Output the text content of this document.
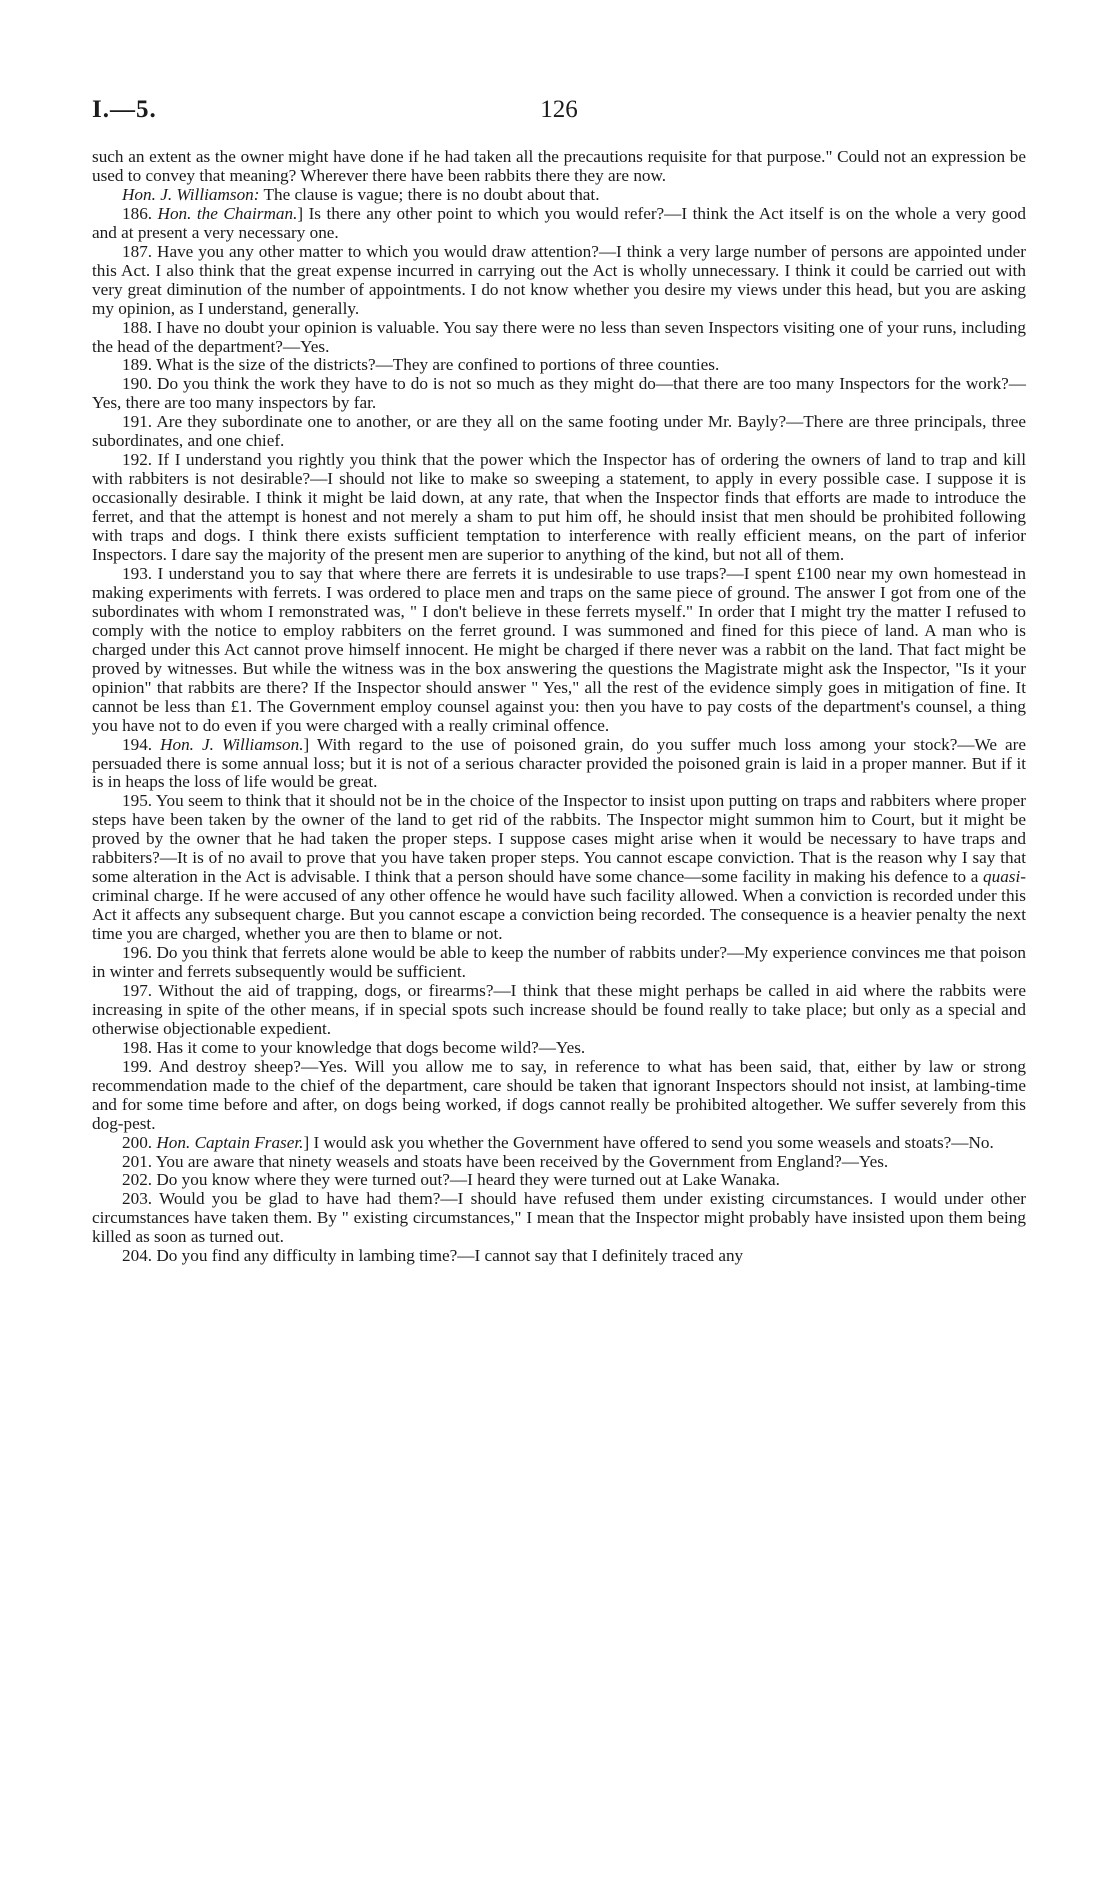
I.—5.	126

such an extent as the owner might have done if he had taken all the precautions requisite for that purpose." Could not an expression be used to convey that meaning? Wherever there have been rabbits there they are now.

Hon. J. Williamson: The clause is vague; there is no doubt about that.

186. Hon. the Chairman.] Is there any other point to which you would refer?—I think the Act itself is on the whole a very good and at present a very necessary one.

187. Have you any other matter to which you would draw attention?—I think a very large number of persons are appointed under this Act. I also think that the great expense incurred in carrying out the Act is wholly unnecessary. I think it could be carried out with very great diminution of the number of appointments. I do not know whether you desire my views under this head, but you are asking my opinion, as I understand, generally.

188. I have no doubt your opinion is valuable. You say there were no less than seven Inspectors visiting one of your runs, including the head of the department?—Yes.

189. What is the size of the districts?—They are confined to portions of three counties.

190. Do you think the work they have to do is not so much as they might do—that there are too many Inspectors for the work?—Yes, there are too many inspectors by far.

191. Are they subordinate one to another, or are they all on the same footing under Mr. Bayly?—There are three principals, three subordinates, and one chief.

192. If I understand you rightly you think that the power which the Inspector has of ordering the owners of land to trap and kill with rabbiters is not desirable?—I should not like to make so sweeping a statement, to apply in every possible case. I suppose it is occasionally desirable. I think it might be laid down, at any rate, that when the Inspector finds that efforts are made to introduce the ferret, and that the attempt is honest and not merely a sham to put him off, he should insist that men should be prohibited following with traps and dogs. I think there exists sufficient temptation to interference with really efficient means, on the part of inferior Inspectors. I dare say the majority of the present men are superior to anything of the kind, but not all of them.

193. I understand you to say that where there are ferrets it is undesirable to use traps?—I spent £100 near my own homestead in making experiments with ferrets. I was ordered to place men and traps on the same piece of ground. The answer I got from one of the subordinates with whom I remonstrated was, " I don't believe in these ferrets myself." In order that I might try the matter I refused to comply with the notice to employ rabbiters on the ferret ground. I was summoned and fined for this piece of land. A man who is charged under this Act cannot prove himself innocent. He might be charged if there never was a rabbit on the land. That fact might be proved by witnesses. But while the witness was in the box answering the questions the Magistrate might ask the Inspector, "Is it your opinion" that rabbits are there? If the Inspector should answer " Yes," all the rest of the evidence simply goes in mitigation of fine. It cannot be less than £1. The Government employ counsel against you: then you have to pay costs of the department's counsel, a thing you have not to do even if you were charged with a really criminal offence.

194. Hon. J. Williamson.] With regard to the use of poisoned grain, do you suffer much loss among your stock?—We are persuaded there is some annual loss; but it is not of a serious character provided the poisoned grain is laid in a proper manner. But if it is in heaps the loss of life would be great.

195. You seem to think that it should not be in the choice of the Inspector to insist upon putting on traps and rabbiters where proper steps have been taken by the owner of the land to get rid of the rabbits. The Inspector might summon him to Court, but it might be proved by the owner that he had taken the proper steps. I suppose cases might arise when it would be necessary to have traps and rabbiters?—It is of no avail to prove that you have taken proper steps. You cannot escape conviction. That is the reason why I say that some alteration in the Act is advisable. I think that a person should have some chance—some facility in making his defence to a quasi-criminal charge. If he were accused of any other offence he would have such facility allowed. When a conviction is recorded under this Act it affects any subsequent charge. But you cannot escape a conviction being recorded. The consequence is a heavier penalty the next time you are charged, whether you are then to blame or not.

196. Do you think that ferrets alone would be able to keep the number of rabbits under?—My experience convinces me that poison in winter and ferrets subsequently would be sufficient.

197. Without the aid of trapping, dogs, or firearms?—I think that these might perhaps be called in aid where the rabbits were increasing in spite of the other means, if in special spots such increase should be found really to take place; but only as a special and otherwise objectionable expedient.

198. Has it come to your knowledge that dogs become wild?—Yes.

199. And destroy sheep?—Yes. Will you allow me to say, in reference to what has been said, that, either by law or strong recommendation made to the chief of the department, care should be taken that ignorant Inspectors should not insist, at lambing-time and for some time before and after, on dogs being worked, if dogs cannot really be prohibited altogether. We suffer severely from this dog-pest.

200. Hon. Captain Fraser.] I would ask you whether the Government have offered to send you some weasels and stoats?—No.

201. You are aware that ninety weasels and stoats have been received by the Government from England?—Yes.

202. Do you know where they were turned out?—I heard they were turned out at Lake Wanaka.

203. Would you be glad to have had them?—I should have refused them under existing circumstances. I would under other circumstances have taken them. By " existing circumstances," I mean that the Inspector might probably have insisted upon them being killed as soon as turned out.

204. Do you find any difficulty in lambing time?—I cannot say that I definitely traced any
